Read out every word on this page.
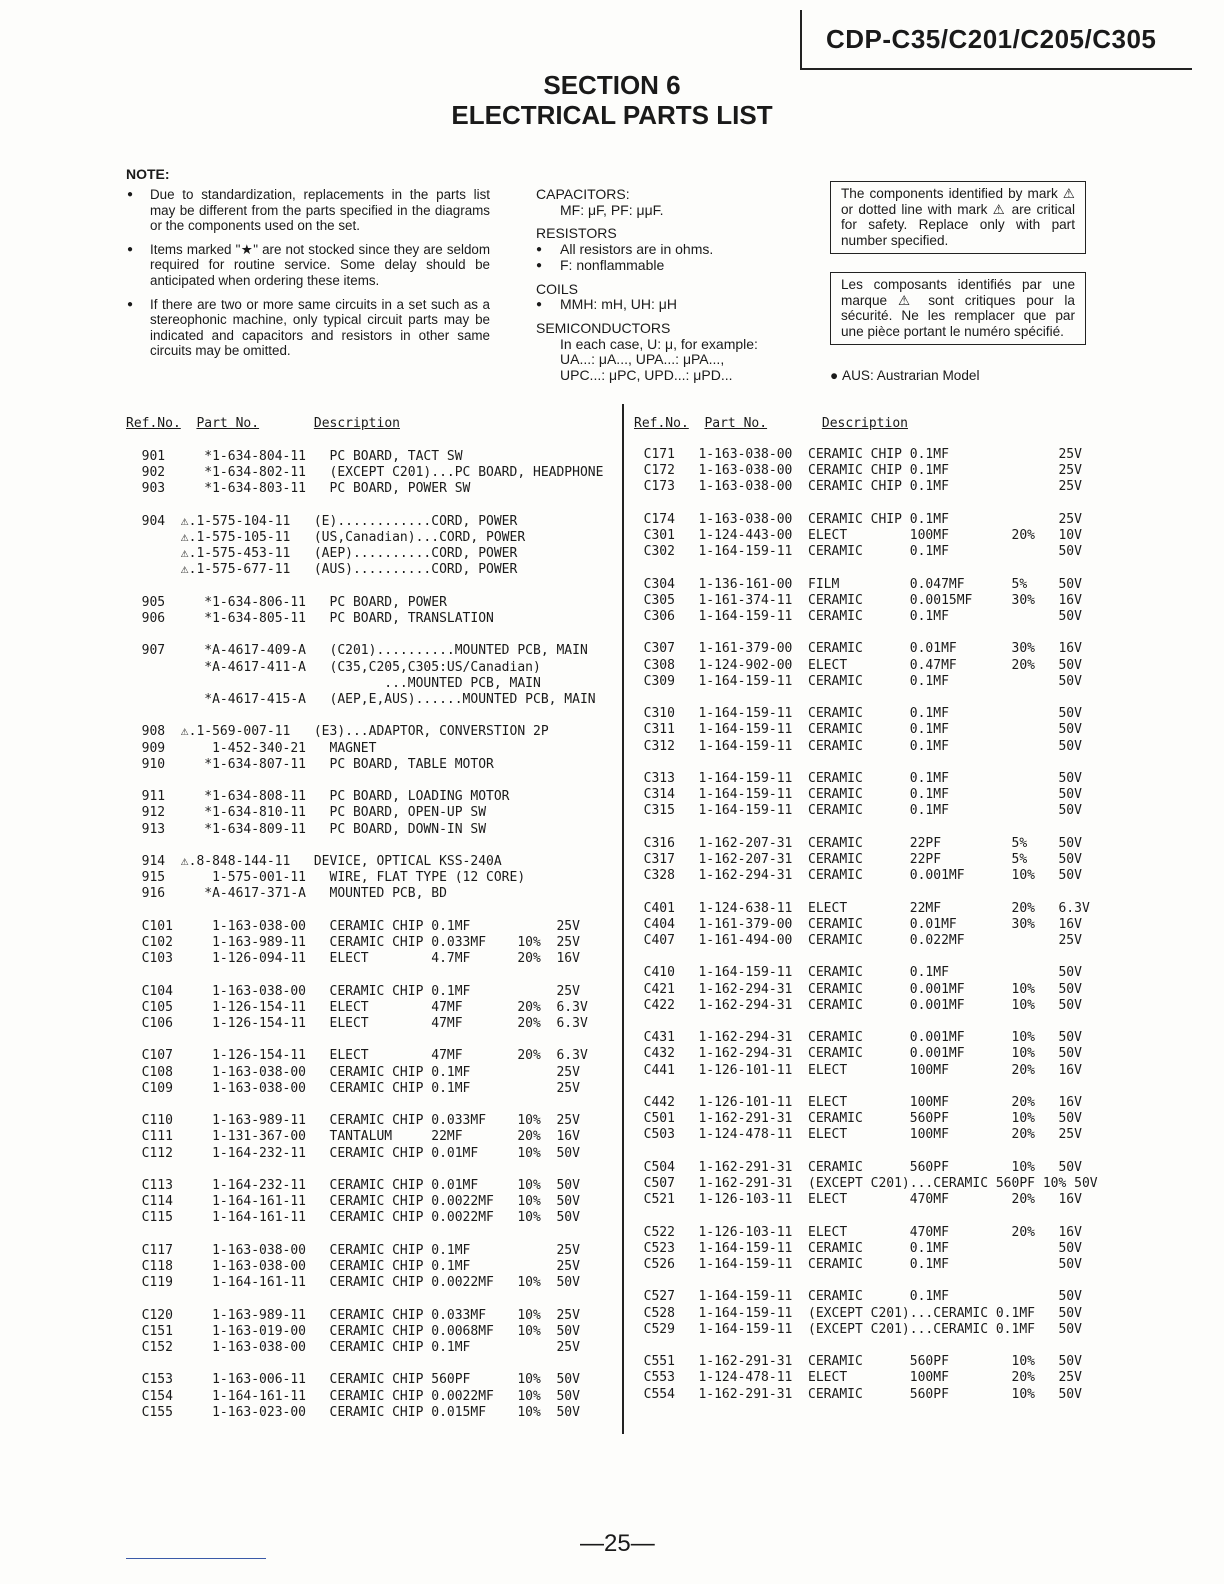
CDP-C35/C201/C205/C305
SECTION 6
ELECTRICAL PARTS LIST
NOTE:
● Due to standardization, replacements in the parts list may be different from the parts specified in the diagrams or the components used on the set.
● Items marked "★" are not stocked since they are seldom required for routine service. Some delay should be anticipated when ordering these items.
● If there are two or more same circuits in a set such as a stereophonic machine, only typical circuit parts may be indicated and capacitors and resistors in other same circuits may be omitted.
CAPACITORS:
MF: μF, PF: μμF.
RESISTORS
● All resistors are in ohms.
● F: nonflammable
COILS
● MMH: mH, UH: μH
SEMICONDUCTORS
In each case, U: μ, for example:
UA...: μA..., UPA...: μPA...,
UPC...: μPC, UPD...: μPD...
The components identified by mark ⚠ or dotted line with mark ⚠ are critical for safety. Replace only with part number specified.
Les composants identifiés par une marque ⚠ sont critiques pour la sécurité. Ne les remplacer que par une pièce portant le numéro spécifié.
● AUS: Austrarian Model
Ref.No. Part No.	Description	Ref.No. Part No.	Description
901     *1-634-804-11   PC BOARD, TACT SW
902     *1-634-802-11   (EXCEPT C201)...PC BOARD, HEADPHONE
903     *1-634-803-11   PC BOARD, POWER SW
904  ⚠.1-575-104-11   (E)............CORD, POWER
⚠.1-575-105-11   (US,Canadian)...CORD, POWER
⚠.1-575-453-11   (AEP)..........CORD, POWER
⚠.1-575-677-11   (AUS)..........CORD, POWER
905     *1-634-806-11   PC BOARD, POWER
906     *1-634-805-11   PC BOARD, TRANSLATION
907     *A-4617-409-A   (C201)..........MOUNTED PCB, MAIN
*A-4617-411-A   (C35,C205,C305:US/Canadian)
...MOUNTED PCB, MAIN
*A-4617-415-A   (AEP,E,AUS)......MOUNTED PCB, MAIN
908  ⚠.1-569-007-11   (E3)...ADAPTOR, CONVERSTION 2P
909      1-452-340-21   MAGNET
910     *1-634-807-11   PC BOARD, TABLE MOTOR
911     *1-634-808-11   PC BOARD, LOADING MOTOR
912     *1-634-810-11   PC BOARD, OPEN-UP SW
913     *1-634-809-11   PC BOARD, DOWN-IN SW
914  ⚠.8-848-144-11   DEVICE, OPTICAL KSS-240A
915      1-575-001-11   WIRE, FLAT TYPE (12 CORE)
916     *A-4617-371-A   MOUNTED PCB, BD
C101     1-163-038-00   CERAMIC CHIP 0.1MF           25V
C102     1-163-989-11   CERAMIC CHIP 0.033MF    10%  25V
C103     1-126-094-11   ELECT        4.7MF      20%  16V
C104     1-163-038-00   CERAMIC CHIP 0.1MF           25V
C105     1-126-154-11   ELECT        47MF       20%  6.3V
C106     1-126-154-11   ELECT        47MF       20%  6.3V
C107     1-126-154-11   ELECT        47MF       20%  6.3V
C108     1-163-038-00   CERAMIC CHIP 0.1MF           25V
C109     1-163-038-00   CERAMIC CHIP 0.1MF           25V
C110     1-163-989-11   CERAMIC CHIP 0.033MF    10%  25V
C111     1-131-367-00   TANTALUM     22MF       20%  16V
C112     1-164-232-11   CERAMIC CHIP 0.01MF     10%  50V
C113     1-164-232-11   CERAMIC CHIP 0.01MF     10%  50V
C114     1-164-161-11   CERAMIC CHIP 0.0022MF   10%  50V
C115     1-164-161-11   CERAMIC CHIP 0.0022MF   10%  50V
C117     1-163-038-00   CERAMIC CHIP 0.1MF           25V
C118     1-163-038-00   CERAMIC CHIP 0.1MF           25V
C119     1-164-161-11   CERAMIC CHIP 0.0022MF   10%  50V
C120     1-163-989-11   CERAMIC CHIP 0.033MF    10%  25V
C151     1-163-019-00   CERAMIC CHIP 0.0068MF   10%  50V
C152     1-163-038-00   CERAMIC CHIP 0.1MF           25V
C153     1-163-006-11   CERAMIC CHIP 560PF      10%  50V
C154     1-164-161-11   CERAMIC CHIP 0.0022MF   10%  50V
C155     1-163-023-00   CERAMIC CHIP 0.015MF    10%  50V
C171   1-163-038-00  CERAMIC CHIP 0.1MF              25V
C172   1-163-038-00  CERAMIC CHIP 0.1MF              25V
C173   1-163-038-00  CERAMIC CHIP 0.1MF              25V
C174   1-163-038-00  CERAMIC CHIP 0.1MF              25V
C301   1-124-443-00  ELECT        100MF        20%   10V
C302   1-164-159-11  CERAMIC      0.1MF              50V
C304   1-136-161-00  FILM         0.047MF      5%    50V
C305   1-161-374-11  CERAMIC      0.0015MF     30%   16V
C306   1-164-159-11  CERAMIC      0.1MF              50V
C307   1-161-379-00  CERAMIC      0.01MF       30%   16V
C308   1-124-902-00  ELECT        0.47MF       20%   50V
C309   1-164-159-11  CERAMIC      0.1MF              50V
C310   1-164-159-11  CERAMIC      0.1MF              50V
C311   1-164-159-11  CERAMIC      0.1MF              50V
C312   1-164-159-11  CERAMIC      0.1MF              50V
C313   1-164-159-11  CERAMIC      0.1MF              50V
C314   1-164-159-11  CERAMIC      0.1MF              50V
C315   1-164-159-11  CERAMIC      0.1MF              50V
C316   1-162-207-31  CERAMIC      22PF         5%    50V
C317   1-162-207-31  CERAMIC      22PF         5%    50V
C328   1-162-294-31  CERAMIC      0.001MF      10%   50V
C401   1-124-638-11  ELECT        22MF         20%   6.3V
C404   1-161-379-00  CERAMIC      0.01MF       30%   16V
C407   1-161-494-00  CERAMIC      0.022MF            25V
C410   1-164-159-11  CERAMIC      0.1MF              50V
C421   1-162-294-31  CERAMIC      0.001MF      10%   50V
C422   1-162-294-31  CERAMIC      0.001MF      10%   50V
C431   1-162-294-31  CERAMIC      0.001MF      10%   50V
C432   1-162-294-31  CERAMIC      0.001MF      10%   50V
C441   1-126-101-11  ELECT        100MF        20%   16V
C442   1-126-101-11  ELECT        100MF        20%   16V
C501   1-162-291-31  CERAMIC      560PF        10%   50V
C503   1-124-478-11  ELECT        100MF        20%   25V
C504   1-162-291-31  CERAMIC      560PF        10%   50V
C507   1-162-291-31  (EXCEPT C201)...CERAMIC 560PF 10% 50V
C521   1-126-103-11  ELECT        470MF        20%   16V
C522   1-126-103-11  ELECT        470MF        20%   16V
C523   1-164-159-11  CERAMIC      0.1MF              50V
C526   1-164-159-11  CERAMIC      0.1MF              50V
C527   1-164-159-11  CERAMIC      0.1MF              50V
C528   1-164-159-11  (EXCEPT C201)...CERAMIC 0.1MF   50V
C529   1-164-159-11  (EXCEPT C201)...CERAMIC 0.1MF   50V
C551   1-162-291-31  CERAMIC      560PF        10%   50V
C553   1-124-478-11  ELECT        100MF        20%   25V
C554   1-162-291-31  CERAMIC      560PF        10%   50V
—25—
